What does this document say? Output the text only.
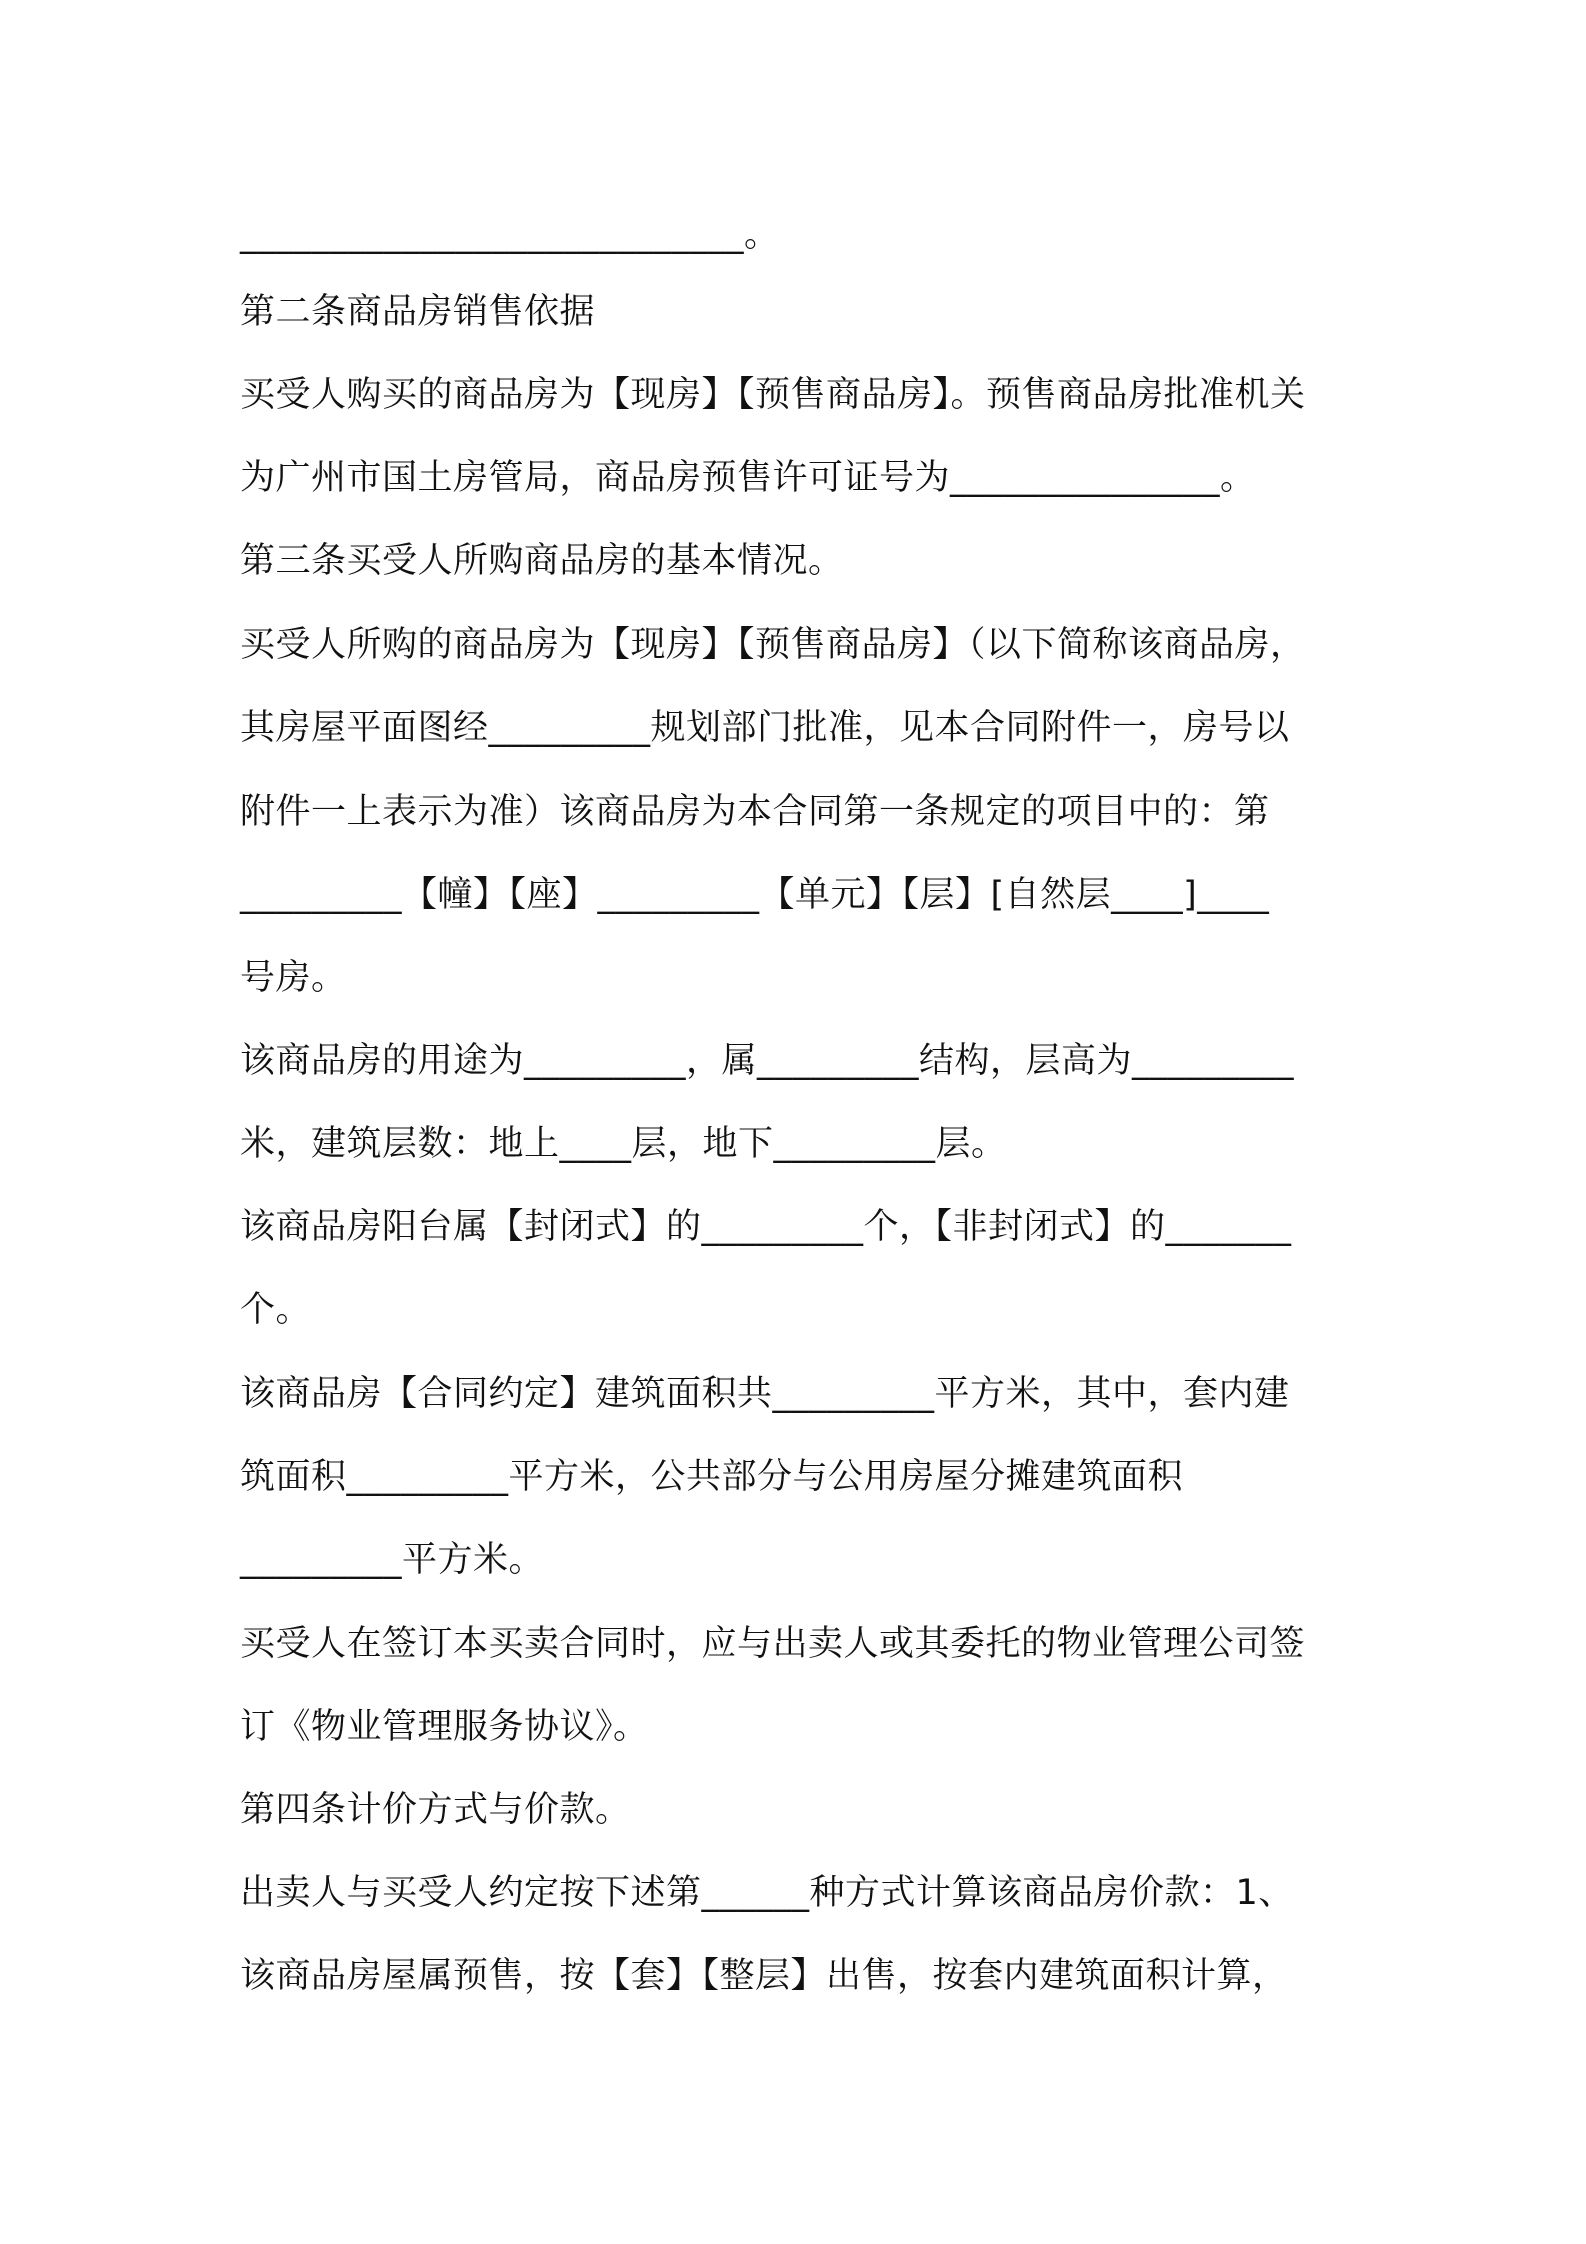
____________________________。

第二条商品房销售依据

买受人购买的商品房为【现房】【预售商品房】。预售商品房批准机关

为广州市国土房管局，商品房预售许可证号为_______________。

第三条买受人所购商品房的基本情况。

买受人所购的商品房为【现房】【预售商品房】（以下简称该商品房，

其房屋平面图经_________规划部门批准，见本合同附件一，房号以

附件一上表示为准）该商品房为本合同第一条规定的项目中的：第

_________【幢】【座】_________【单元】【层】[自然层____]____

号房。

该商品房的用途为_________，属_________结构，层高为_________

米，建筑层数：地上____层，地下_________层。

该商品房阳台属【封闭式】的_________个，【非封闭式】的_______

个。

该商品房【合同约定】建筑面积共_________平方米，其中，套内建

筑面积_________平方米，公共部分与公用房屋分摊建筑面积

_________平方米。

买受人在签订本买卖合同时，应与出卖人或其委托的物业管理公司签

订《物业管理服务协议》。

第四条计价方式与价款。

出卖人与买受人约定按下述第______种方式计算该商品房价款：1、

该商品房屋属预售，按【套】【整层】出售，按套内建筑面积计算，
